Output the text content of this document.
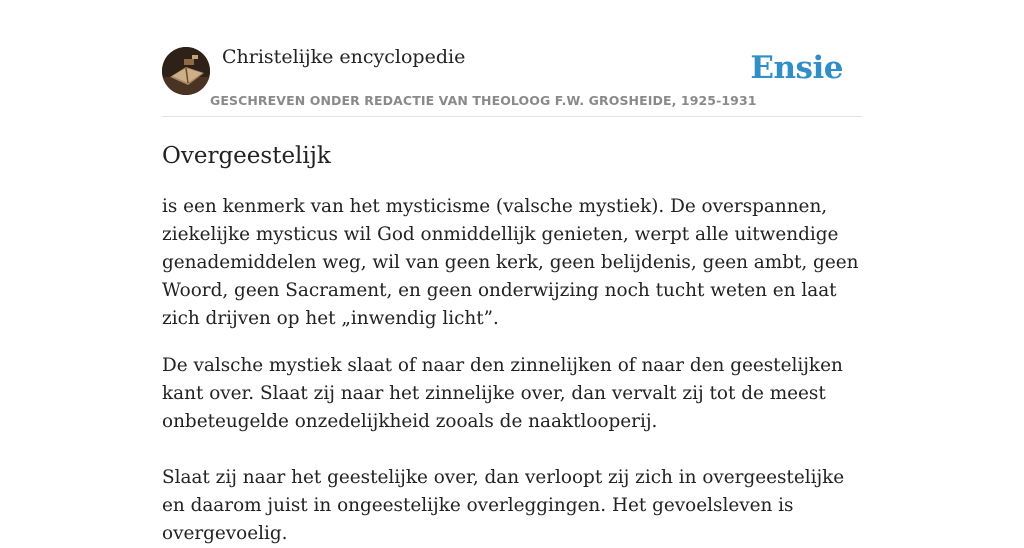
Christelijke encyclopedie
GESCHREVEN ONDER REDACTIE VAN THEOLOOG F.W. GROSHEIDE, 1925-1931
Ensie
Overgeestelijk

is een kenmerk van het mysticisme (valsche mystiek). De overspannen, ziekelijke mysticus wil God onmiddellijk genieten, werpt alle uitwendige genademiddelen weg, wil van geen kerk, geen belijdenis, geen ambt, geen Woord, geen Sacrament, en geen onderwijzing noch tucht weten en laat zich drijven op het „inwendig licht”.

De valsche mystiek slaat of naar den zinnelijken of naar den geestelijken kant over. Slaat zij naar het zinnelijke over, dan vervalt zij tot de meest onbeteugelde onzedelijkheid zooals de naaktlooperij.

Slaat zij naar het geestelijke over, dan verloopt zij zich in overgeestelijke en daarom juist in ongeestelijke overleggingen. Het gevoelsleven is overgevoelig.
